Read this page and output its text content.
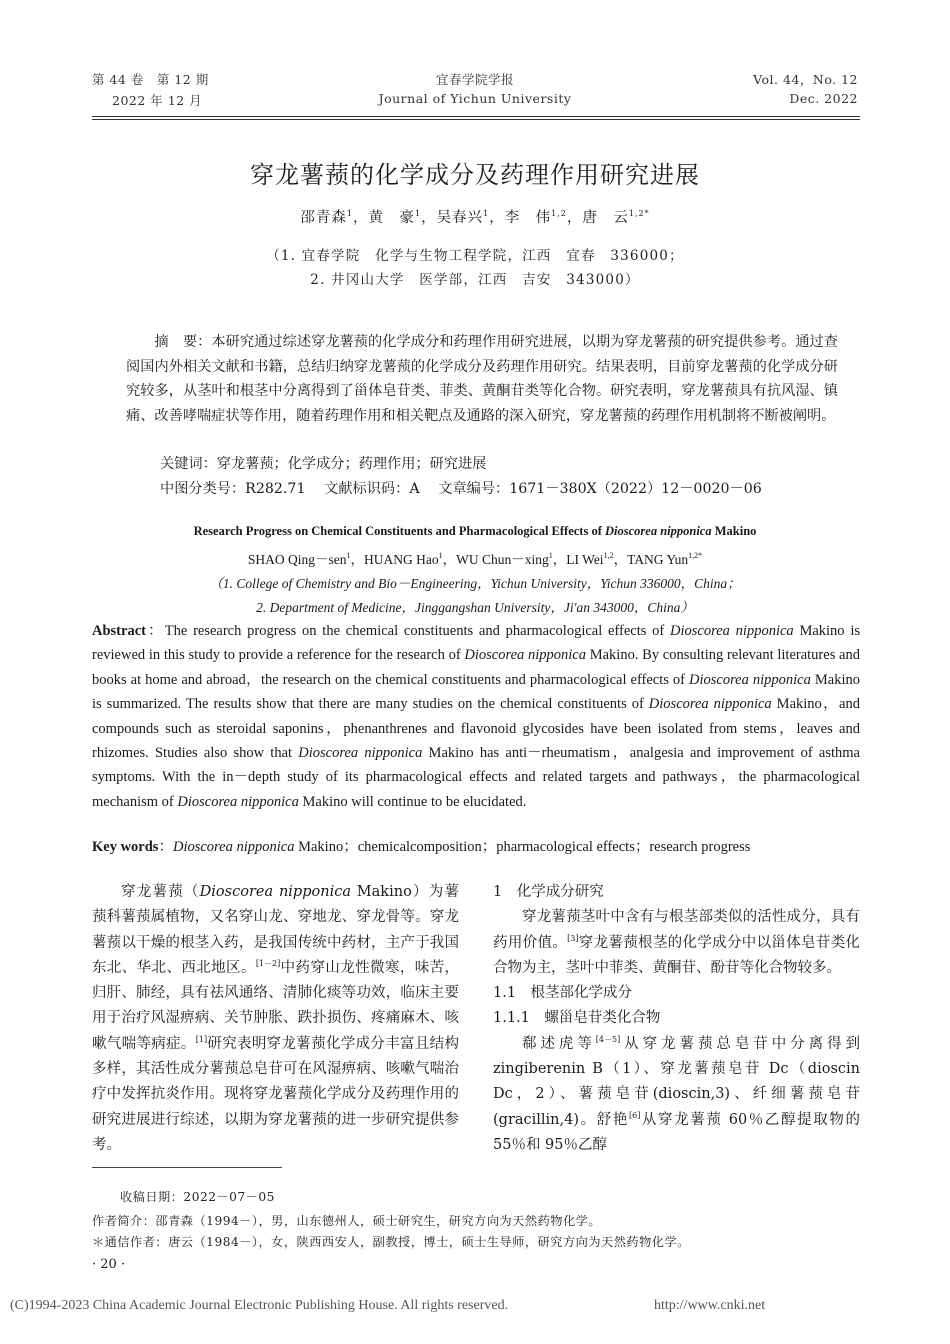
第 44 卷　第 12 期
2022 年 12 月
宜春学院学报
Journal of Yichun University
Vol. 44，No. 12
Dec. 2022
穿龙薯蓣的化学成分及药理作用研究进展
邵青森$^1$，黄　豪$^1$，吴春兴$^1$，李　伟$^{1,2}$，唐　云$^{1,2*}$
（1. 宜春学院　化学与生物工程学院，江西　宜春　336000；
2. 井冈山大学　医学部，江西　吉安　343000）
摘　要：本研究通过综述穿龙薯蓣的化学成分和药理作用研究进展，以期为穿龙薯蓣的研究提供参考。通过查阅国内外相关文献和书籍，总结归纳穿龙薯蓣的化学成分及药理作用研究。结果表明，目前穿龙薯蓣的化学成分研究较多，从茎叶和根茎中分离得到了甾体皂苷类、菲类、黄酮苷类等化合物。研究表明，穿龙薯蓣具有抗风湿、镇痛、改善哮喘症状等作用，随着药理作用和相关靶点及通路的深入研究，穿龙薯蓣的药理作用机制将不断被阐明。
关键词：穿龙薯蓣；化学成分；药理作用；研究进展
中图分类号：R282.71　 文献标识码：A　 文章编号：1671－380X（2022）12－0020－06
Research Progress on Chemical Constituents and Pharmacological Effects of Dioscorea nipponica Makino
SHAO Qing－sen$^1$，HUANG Hao$^1$，WU Chun－xing$^1$，LI Wei$^{1,2}$，TANG Yun$^{1,2*}$
（1. College of Chemistry and Bio－Engineering，Yichun University，Yichun 336000，China；
2. Department of Medicine，Jinggangshan University，Ji'an 343000，China）
Abstract：The research progress on the chemical constituents and pharmacological effects of Dioscorea nipponica Makino is reviewed in this study to provide a reference for the research of Dioscorea nipponica Makino. By consulting relevant literatures and books at home and abroad，the research on the chemical constituents and pharmacological effects of Dioscorea nipponica Makino is summarized. The results show that there are many studies on the chemical constituents of Dioscorea nipponica Makino，and compounds such as steroidal saponins，phenanthrenes and flavonoid glycosides have been isolated from stems，leaves and rhizomes. Studies also show that Dioscorea nipponica Makino has anti－rheumatism，analgesia and improvement of asthma symptoms. With the in－depth study of its pharmacological effects and related targets and pathways，the pharmacological mechanism of Dioscorea nipponica Makino will continue to be elucidated.
Key words：Dioscorea nipponica Makino；chemicalcomposition；pharmacological effects；research progress

穿龙薯蓣（Dioscorea nipponica Makino）为薯蓣科薯蓣属植物，又名穿山龙、穿地龙、穿龙骨等。穿龙薯蓣以干燥的根茎入药，是我国传统中药材，主产于我国东北、华北、西北地区。[1－2]中药穿山龙性微寒，味苦，归肝、肺经，具有祛风通络、清肺化痰等功效，临床主要用于治疗风湿痹病、关节肿胀、跌扑损伤、疼痛麻木、咳嗽气喘等病症。[1]研究表明穿龙薯蓣化学成分丰富且结构多样，其活性成分薯蓣总皂苷可在风湿痹病、咳嗽气喘治疗中发挥抗炎作用。现将穿龙薯蓣化学成分及药理作用的研究进展进行综述，以期为穿龙薯蓣的进一步研究提供参考。

1　化学成分研究

穿龙薯蓣茎叶中含有与根茎部类似的活性成分，具有药用价值。[3]穿龙薯蓣根茎的化学成分中以甾体皂苷类化合物为主，茎叶中菲类、黄酮苷、酚苷等化合物较多。

1.1　根茎部化学成分

1.1.1　螺甾皂苷类化合物

郗述虎等[4－5]从穿龙薯蓣总皂苷中分离得到 zingiberenin B（1）、穿龙薯蓣皂苷 Dc（dioscin Dc，2）、薯蓣皂苷(dioscin,3)、纤细薯蓣皂苷(gracillin,4)。舒艳[6]从穿龙薯蓣 60％乙醇提取物的 55％和 95％乙醇

收稿日期：2022－07－05
作者简介：邵青森（1994－），男，山东德州人，硕士研究生，研究方向为天然药物化学。
＊通信作者：唐云（1984－），女，陕西西安人，副教授，博士，硕士生导师，研究方向为天然药物化学。
· 20 ·
(C)1994-2023 China Academic Journal Electronic Publishing House. All rights reserved.	http://www.cnki.net
